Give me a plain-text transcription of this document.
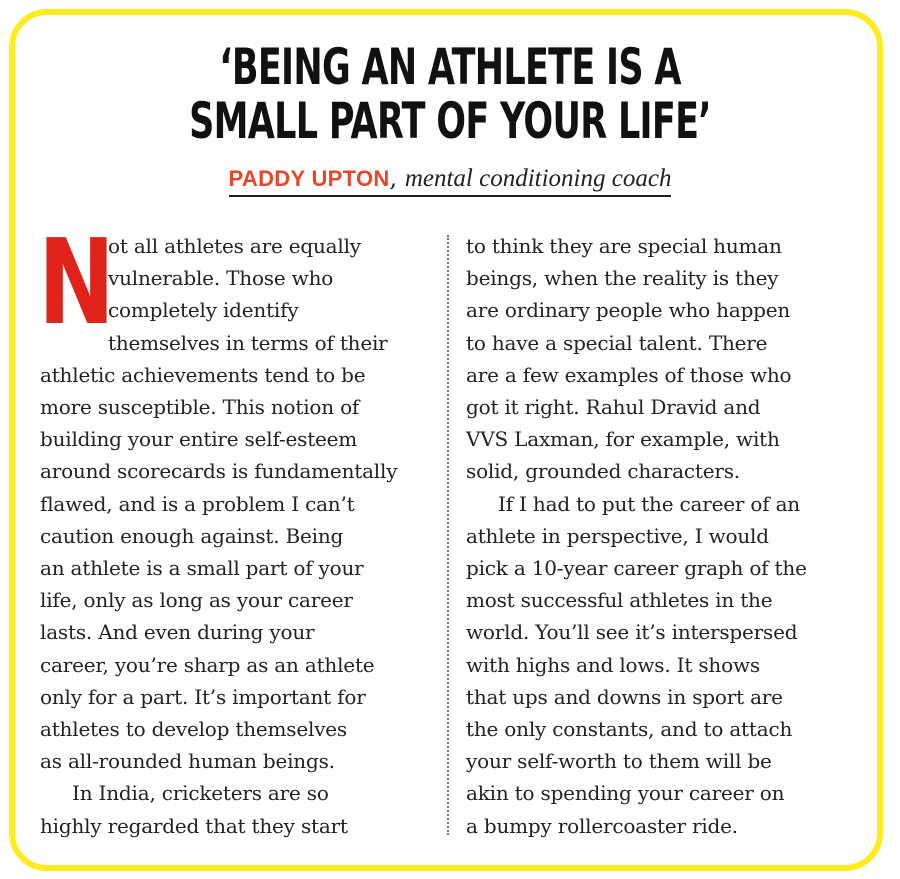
‘BEING AN ATHLETE IS A
SMALL PART OF YOUR LIFE’
PADDY UPTON, mental conditioning coach
N

ot all athletes are equally
vulnerable. Those who
completely identify
themselves in terms of their
athletic achievements tend to be
more susceptible. This notion of
building your entire self-esteem
around scorecards is fundamentally
flawed, and is a problem I can’t
caution enough against. Being
an athlete is a small part of your
life, only as long as your career
lasts. And even during your
career, you’re sharp as an athlete
only for a part. It’s important for
athletes to develop themselves
as all-rounded human beings.

In India, cricketers are so
highly regarded that they start

to think they are special human
beings, when the reality is they
are ordinary people who happen
to have a special talent. There
are a few examples of those who
got it right. Rahul Dravid and
VVS Laxman, for example, with
solid, grounded characters.

If I had to put the career of an
athlete in perspective, I would
pick a 10-year career graph of the
most successful athletes in the
world. You’ll see it’s interspersed
with highs and lows. It shows
that ups and downs in sport are
the only constants, and to attach
your self-worth to them will be
akin to spending your career on
a bumpy rollercoaster ride.
